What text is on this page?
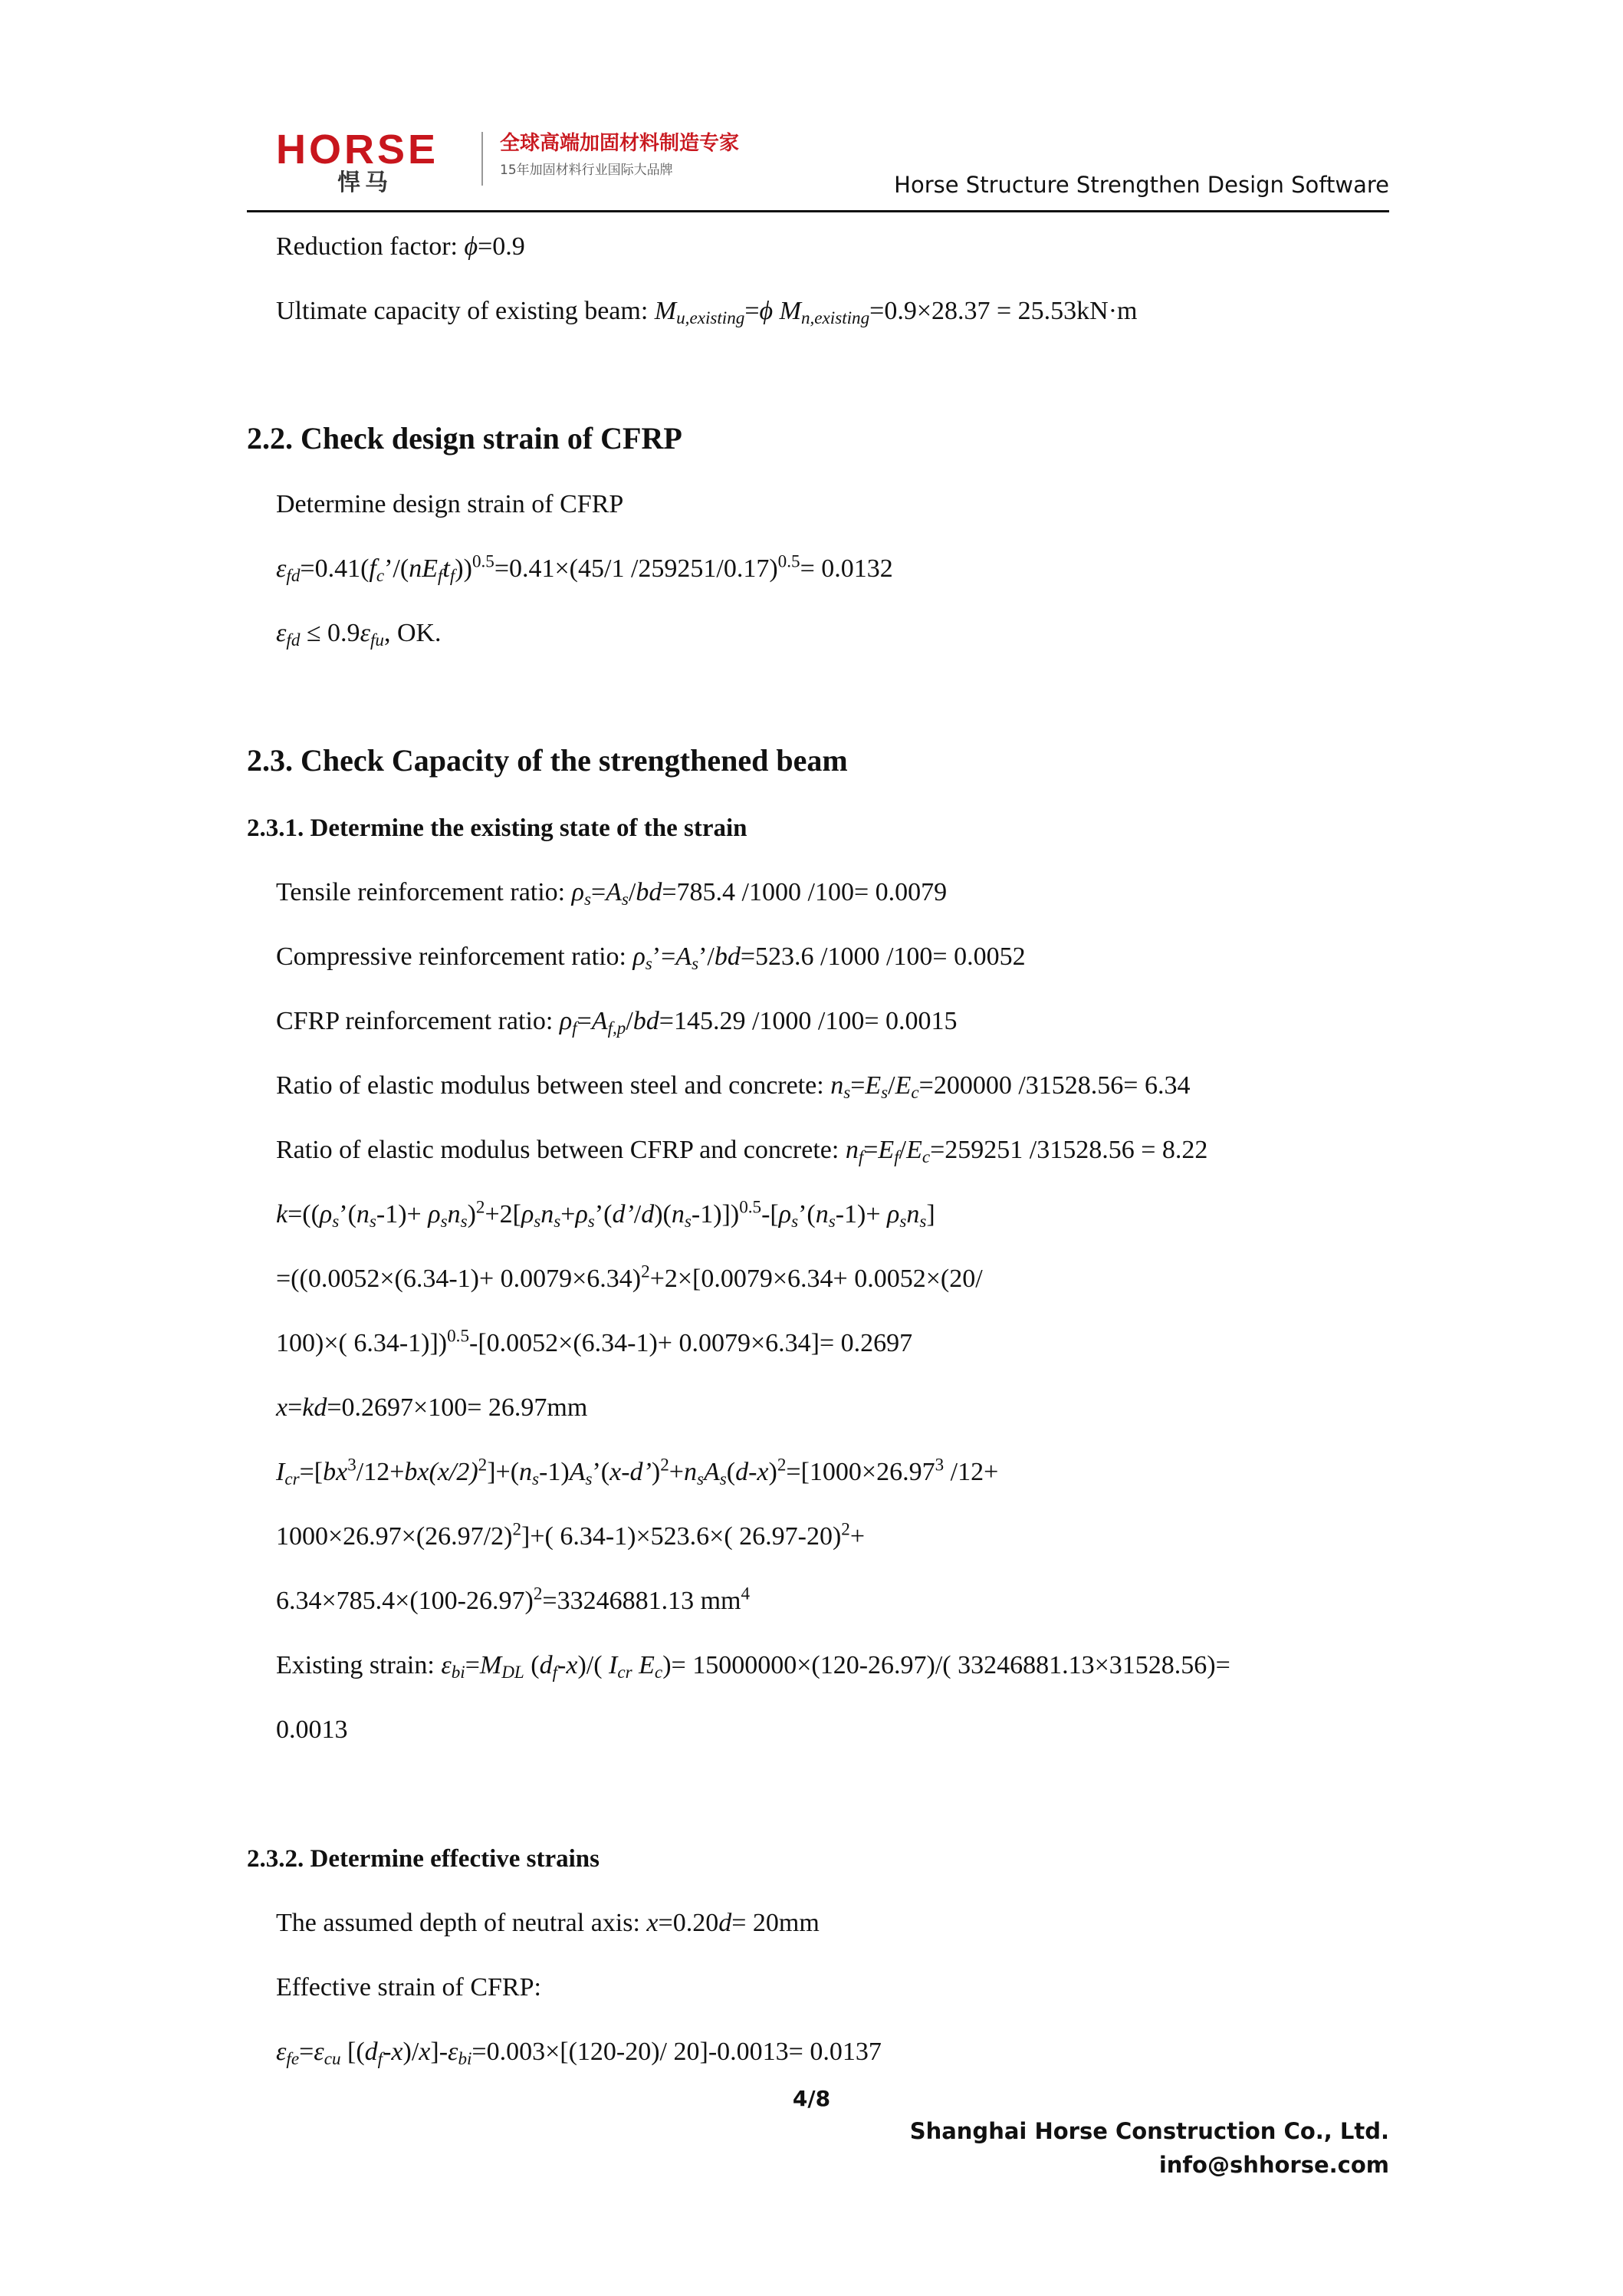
HORSE
悍马
全球高端加固材料制造专家
15年加固材料行业国际大品牌
Horse Structure Strengthen Design Software
Reduction factor: ϕ=0.9
Ultimate capacity of existing beam: $M_{u,existing}=\phi$ $M_{n,existing}=0.9\times 28.37 = 25.53kN\cdot m$
2.2. Check design strain of CFRP
Determine design strain of CFRP
$\varepsilon_{fd}=0.41(f_c’/(nE_ft_f))^{0.5}=0.41\times(45/1$ /259251/0.17)$^{0.5}$= 0.0132
$\varepsilon_{fd} \le 0.9\varepsilon_{fu}$, OK.
2.3. Check Capacity of the strengthened beam
2.3.1. Determine the existing state of the strain
Tensile reinforcement ratio: $\rho_s=A_s/bd=785.4$ /1000 /100= 0.0079
Compressive reinforcement ratio: $\rho_s’=A_s’/bd=523.6$ /1000 /100= 0.0052
CFRP reinforcement ratio: $\rho_f=A_{f,p}/bd=145.29$ /1000 /100= 0.0015
Ratio of elastic modulus between steel and concrete: $n_s=E_s/E_c=200000$ /31528.56= 6.34
Ratio of elastic modulus between CFRP and concrete: $n_f=E_f/E_c=259251$ /31528.56 = 8.22
$k=((\rho_s’(n_s-1)+$ $\rho_sn_s)^2+2[\rho_sn_s+\rho_s’(d’/d)(n_s-1)])^{0.5}-[\rho_s’(n_s-1)+ \rho_sn_s]$
$=((0.0052\times(6.34-1)+ 0.0079\times 6.34)^2+2\times[0.0079\times 6.34+ 0.0052\times(20/$
100)×( 6.34-1)])$^{0.5}$-[0.0052×(6.34-1)+ 0.0079×6.34]= 0.2697
x=kd=0.2697×100= 26.97mm
$I_{cr}=[bx^3/12+bx(x/2)^2]+(n_s-1)A_s’(x-d’)^2+n_sA_s(d-x)^2=[1000\times 26.97^3$ /12+
$1000\times 26.97\times(26.97/2)^2]+$( 6.34-1)×523.6×( 26.97-20)$^2$+
$6.34\times 785.4\times(100-26.97)^2=33246881.13$ $mm^4$
Existing strain: $\varepsilon_{bi}=M_{DL}$ $(d_f-x)/$( $I_{cr}$ $E_c)= 15000000\times(120-26.97)/$( 33246881.13×31528.56)=
0.0013
2.3.2. Determine effective strains
The assumed depth of neutral axis: x=0.20d= 20mm
Effective strain of CFRP:
$\varepsilon_{fe}=\varepsilon_{cu}$ $[(d_f-x)/x]-\varepsilon_{bi}=0.003\times[(120-20)/$ 20]-0.0013= 0.0137
4/8
Shanghai Horse Construction Co., Ltd.
info@shhorse.com
